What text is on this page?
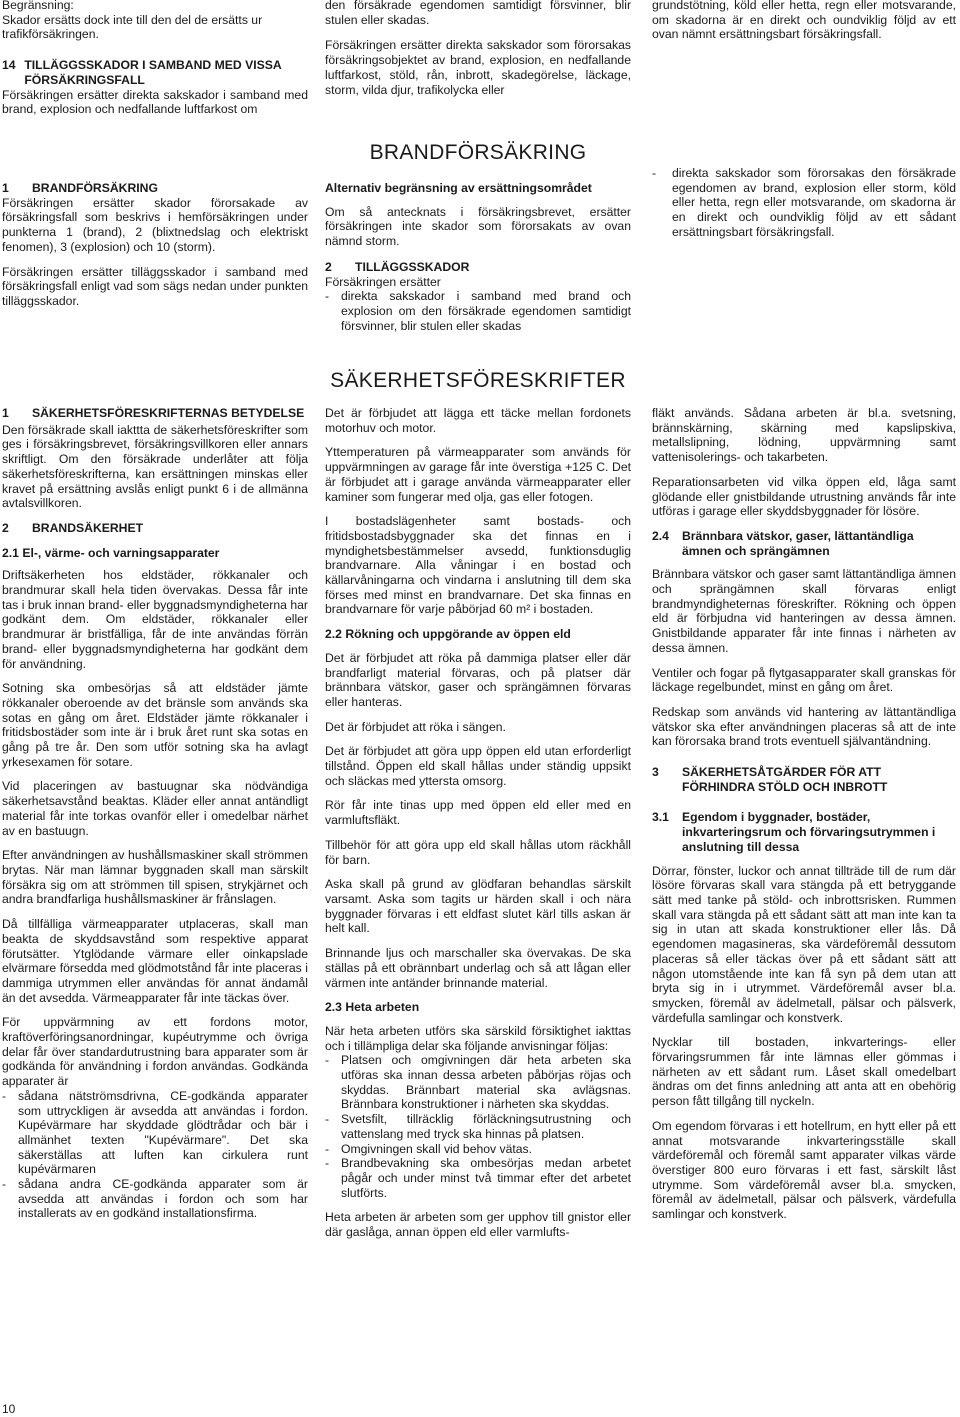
Begränsning:
Skador ersätts dock inte till den del de ersätts ur trafikförsäkringen.

14 TILLÄGGSSKADOR I SAMBAND MED VISSA FÖRSÄKRINGSFALL

Försäkringen ersätter direkta sakskador i samband med brand, explosion och nedfallande luftfarkost om

den försäkrade egendomen samtidigt försvinner, blir stulen eller skadas.

Försäkringen ersätter direkta sakskador som förorsakas försäkringsobjektet av brand, explosion, en nedfallande luftfarkost, stöld, rån, inbrott, skadegörelse, läckage, storm, vilda djur, trafikolycka eller

grundstötning, köld eller hetta, regn eller motsvarande, om skadorna är en direkt och oundviklig följd av ett ovan nämnt ersättningsbart försäkringsfall.

BRANDFÖRSÄKRING
1	BRANDFÖRSÄKRING

Försäkringen ersätter skador förorsakade av försäkringsfall som beskrivs i hemförsäkringen under punkterna 1 (brand), 2 (blixtnedslag och elektriskt fenomen), 3 (explosion) och 10 (storm).

Försäkringen ersätter tilläggsskador i samband med försäkringsfall enligt vad som sägs nedan under punkten tilläggsskador.

Alternativ begränsning av ersättningsområdet

Om så antecknats i försäkringsbrevet, ersätter försäkringen inte skador som förorsakats av ovan nämnd storm.

2	TILLÄGGSSKADOR

Försäkringen ersätter

- direkta sakskador i samband med brand och explosion om den försäkrade egendomen samtidigt försvinner, blir stulen eller skadas
- direkta sakskador som förorsakas den försäkrade egendomen av brand, explosion eller storm, köld eller hetta, regn eller motsvarande, om skadorna är en direkt och oundviklig följd av ett sådant ersättningsbart försäkringsfall.
SÄKERHETSFÖRESKRIFTER
1	SÄKERHETSFÖRESKRIFTERNAS BETYDELSE

Den försäkrade skall iakttta de säkerhetsföreskrifter som ges i försäkringsbrevet, försäkringsvillkoren eller annars skriftligt. Om den försäkrade underlåter att följa säkerhetsföreskrifterna, kan ersättningen minskas eller kravet på ersättning avslås enligt punkt 6 i de allmänna avtalsvillkoren.

2	BRANDSÄKERHET
2.1 El-, värme- och varningsapparater

Driftsäkerheten hos eldstäder, rökkanaler och brandmurar skall hela tiden övervakas. Dessa får inte tas i bruk innan brand- eller byggnadsmyndigheterna har godkänt dem. Om eldstäder, rökkanaler eller brandmurar är bristfälliga, får de inte användas förrän brand- eller byggnadsmyndigheterna har godkänt dem för användning.

Sotning ska ombesörjas så att eldstäder jämte rökkanaler oberoende av det bränsle som används ska sotas en gång om året. Eldstäder jämte rökkanaler i fritidsbostäder som inte är i bruk året runt ska sotas en gång på tre år. Den som utför sotning ska ha avlagt yrkesexamen för sotare.

Vid placeringen av bastuugnar ska nödvändiga säkerhetsavstånd beaktas. Kläder eller annat antändligt material får inte torkas ovanför eller i omedelbar närhet av en bastuugn.

Efter användningen av hushållsmaskiner skall strömmen brytas. När man lämnar byggnaden skall man särskilt försäkra sig om att strömmen till spisen, strykjärnet och andra brandfarliga hushållsmaskiner är frånslagen.

Då tillfälliga värmeapparater utplaceras, skall man beakta de skyddsavstånd som respektive apparat förutsätter. Ytglödande värmare eller oinkapslade elvärmare försedda med glödmotstånd får inte placeras i dammiga utrymmen eller användas för annat ändamål än det avsedda. Värmeapparater får inte täckas över.

För uppvärmning av ett fordons motor, kraftöverföringsanordningar, kupéutrymme och övriga delar får över standardutrustning bara apparater som är godkända för användning i fordon användas. Godkända apparater är

- sådana nätströmsdrivna, CE-godkända apparater som uttryckligen är avsedda att användas i fordon. Kupévärmare har skyddade glödtrådar och bär i allmänhet texten "Kupévärmare". Det ska säkerställas att luften kan cirkulera runt kupévärmaren
- sådana andra CE-godkända apparater som är avsedda att användas i fordon och som har installerats av en godkänd installationsfirma.

Det är förbjudet att lägga ett täcke mellan fordonets motorhuv och motor.

Yttemperaturen på värmeapparater som används för uppvärmningen av garage får inte överstiga +125 C. Det är förbjudet att i garage använda värmeapparater eller kaminer som fungerar med olja, gas eller fotogen.

I bostadslägenheter samt bostads- och fritidsbostadsbyggnader ska det finnas en i myndighetsbestämmelser avsedd, funktionsduglig brandvarnare. Alla våningar i en bostad och källarvåningarna och vindarna i anslutning till dem ska förses med minst en brandvarnare. Det ska finnas en brandvarnare för varje påbörjad 60 m² i bostaden.

2.2 Rökning och uppgörande av öppen eld

Det är förbjudet att röka på dammiga platser eller där brandfarligt material förvaras, och på platser där brännbara vätskor, gaser och sprängämnen förvaras eller hanteras.

Det är förbjudet att röka i sängen.

Det är förbjudet att göra upp öppen eld utan erforderligt tillstånd. Öppen eld skall hållas under ständig uppsikt och släckas med yttersta omsorg.

Rör får inte tinas upp med öppen eld eller med en varmluftsfläkt.

Tillbehör för att göra upp eld skall hållas utom räckhåll för barn.

Aska skall på grund av glödfaran behandlas särskilt varsamt. Aska som tagits ur härden skall i och nära byggnader förvaras i ett eldfast slutet kärl tills askan är helt kall.

Brinnande ljus och marschaller ska övervakas. De ska ställas på ett obrännbart underlag och så att lågan eller värmen inte antänder brinnande material.

2.3 Heta arbeten

När heta arbeten utförs ska särskild försiktighet iakttas och i tillämpliga delar ska följande anvisningar följas:

- Platsen och omgivningen där heta arbeten ska utföras ska innan dessa arbeten påbörjas röjas och skyddas. Brännbart material ska avlägsnas. Brännbara konstruktioner i närheten ska skyddas.
- Svetsfilt, tillräcklig förläckningsutrustning och vattenslang med tryck ska hinnas på platsen.
- Omgivningen skall vid behov vätas.
- Brandbevakning ska ombesörjas medan arbetet pågår och under minst två timmar efter det arbetet slutförts.

Heta arbeten är arbeten som ger upphov till gnistor eller där gaslåga, annan öppen eld eller varmlufts-

fläkt används. Sådana arbeten är bl.a. svetsning, brännskärning, skärning med kapslipskiva, metallslipning, lödning, uppvärmning samt vattenisolerings- och takarbeten.

Reparationsarbeten vid vilka öppen eld, låga samt glödande eller gnistbildande utrustning används får inte utföras i garage eller skyddsbyggnader för lösöre.

2.4	Brännbara vätskor, gaser, lättantändliga ämnen och sprängämnen

Brännbara vätskor och gaser samt lättantändliga ämnen och sprängämnen skall förvaras enligt brandmyndigheternas föreskrifter. Rökning och öppen eld är förbjudna vid hanteringen av dessa ämnen. Gnistbildande apparater får inte finnas i närheten av dessa ämnen.

Ventiler och fogar på flytgasapparater skall granskas för läckage regelbundet, minst en gång om året.

Redskap som används vid hantering av lättantändliga vätskor ska efter användningen placeras så att de inte kan förorsaka brand trots eventuell självantändning.

3	SÄKERHETSÅTGÄRDER FÖR ATT FÖRHINDRA STÖLD OCH INBROTT
3.1	Egendom i byggnader, bostäder, inkvarteringsrum och förvaringsutrymmen i anslutning till dessa

Dörrar, fönster, luckor och annat tillträde till de rum där lösöre förvaras skall vara stängda på ett betryggande sätt med tanke på stöld- och inbrottsrisken. Rummen skall vara stängda på ett sådant sätt att man inte kan ta sig in utan att skada konstruktioner eller lås. Då egendomen magasineras, ska värdeföremål dessutom placeras så eller täckas över på ett sådant sätt att någon utomstående inte kan få syn på dem utan att bryta sig in i utrymmet. Värdeföremål avser bl.a. smycken, föremål av ädelmetall, pälsar och pälsverk, värdefulla samlingar och konstverk.

Nycklar till bostaden, inkvarterings- eller förvaringsrummen får inte lämnas eller gömmas i närheten av ett sådant rum. Låset skall omedelbart ändras om det finns anledning att anta att en obehörig person fått tillgång till nyckeln.

Om egendom förvaras i ett hotellrum, en hytt eller på ett annat motsvarande inkvarteringsställe skall värdeföremål och föremål samt apparater vilkas värde överstiger 800 euro förvaras i ett fast, särskilt låst utrymme. Som värdeföremål avser bl.a. smycken, föremål av ädelmetall, pälsar och pälsverk, värdefulla samlingar och konstverk.

10
